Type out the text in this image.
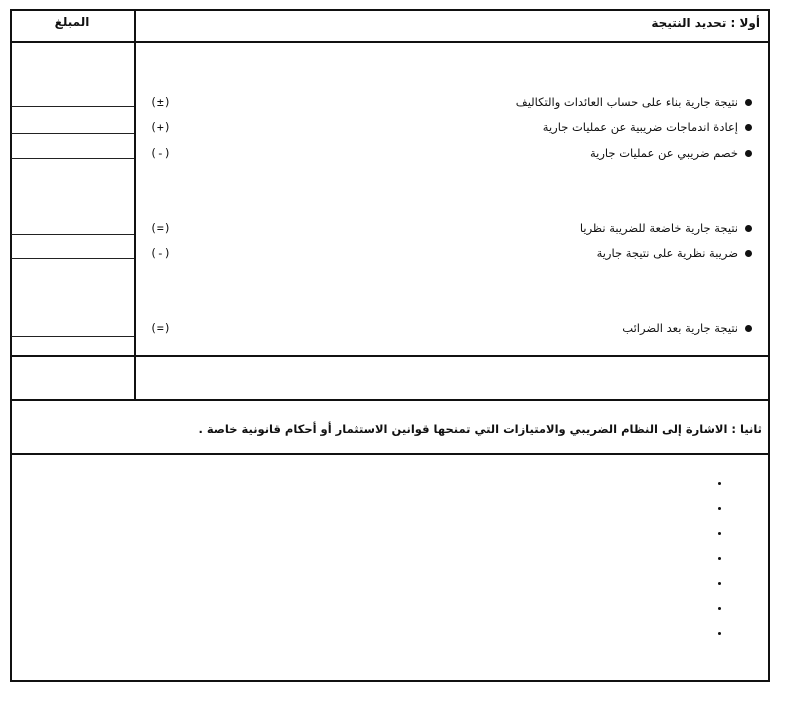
أولا : تحديد النتيجة
المبلغ
نتيجة جارية بناء على حساب العائدات والتكاليف
(±)
إعادة اندماجات ضريبية عن عمليات جارية
(+)
خصم ضريبي عن عمليات جارية
(-)
نتيجة جارية خاضعة للضريبة نظريا
(=)
ضريبة نظرية على نتيجة جارية
(-)
نتيجة جارية بعد الضرائب
(=)
ثانيا : الاشارة إلى النظام الضريبي والامتيازات التي تمنحها قوانين الاستثمار أو أحكام قانونية خاصة .
